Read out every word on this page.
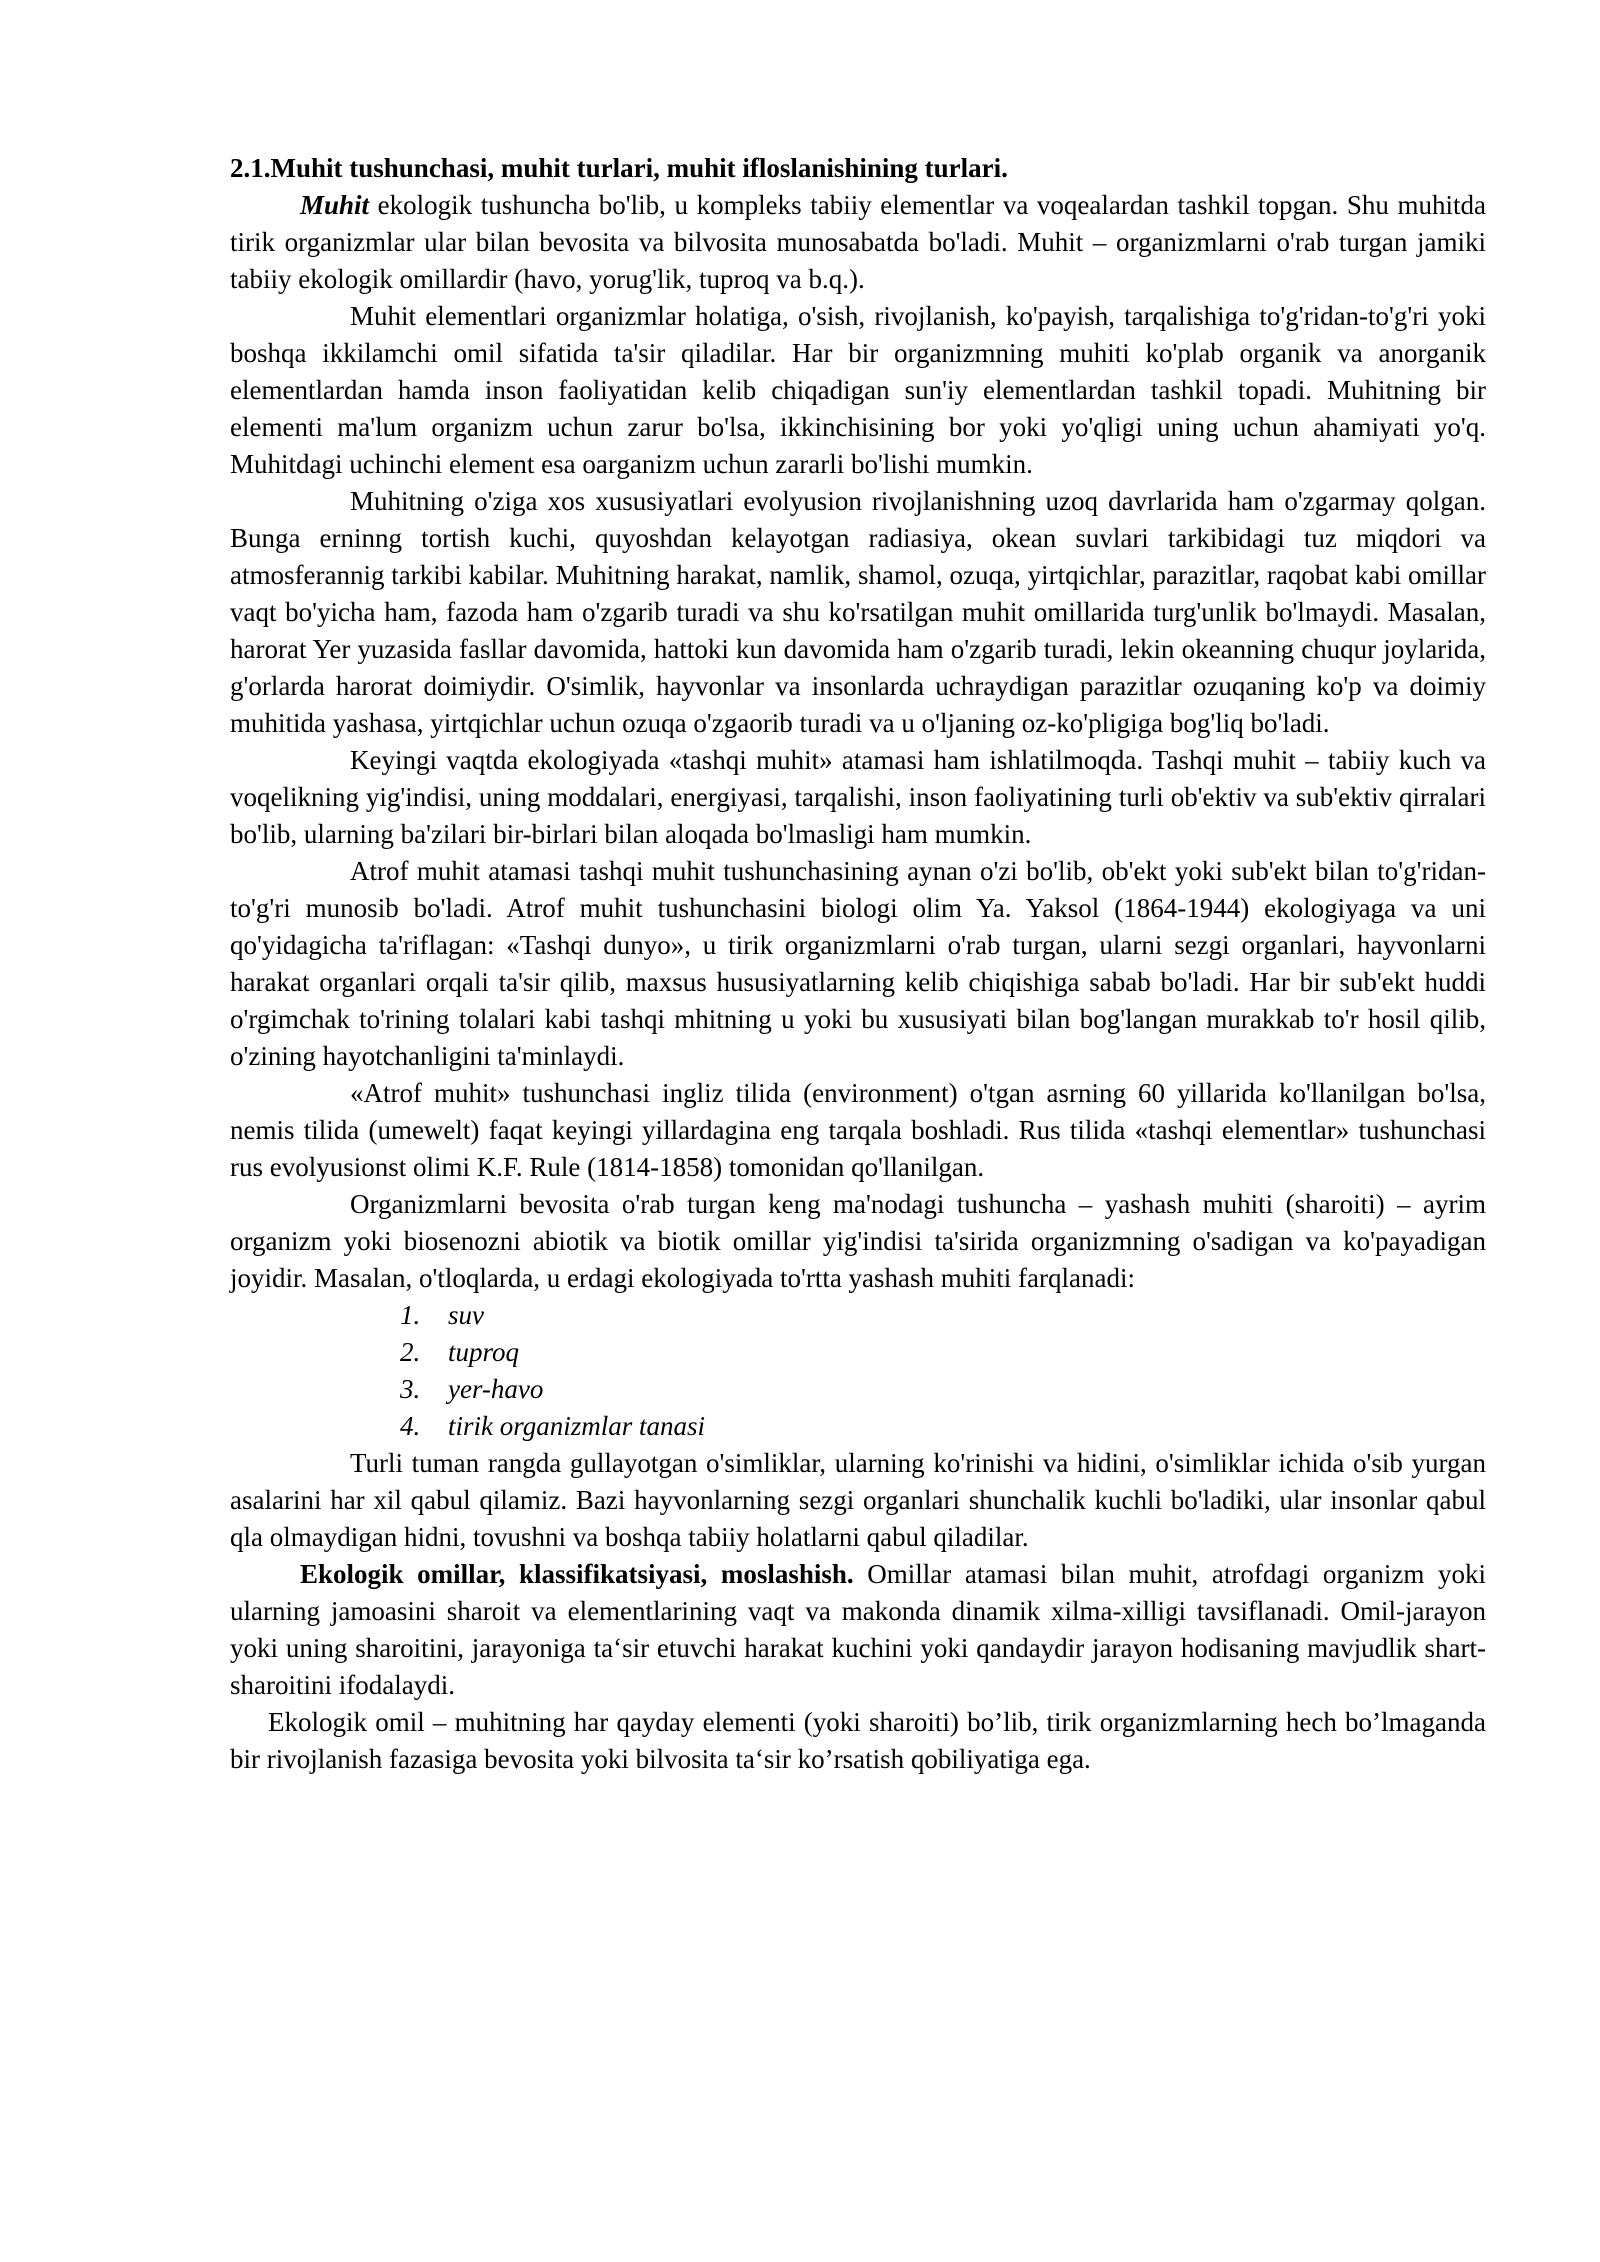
2.1.Muhit tushunchasi, muhit turlari, muhit ifloslanishining turlari.

Muhit ekologik tushuncha bo'lib, u kompleks tabiiy elementlar va voqealardan tashkil topgan. Shu muhitda tirik organizmlar ular bilan bevosita va bilvosita munosabatda bo'ladi. Muhit – organizmlarni o'rab turgan jamiki tabiiy ekologik omillardir (havo, yorug'lik, tuproq va b.q.).

Muhit elementlari organizmlar holatiga, o'sish, rivojlanish, ko'payish, tarqalishiga to'g'ridan-to'g'ri yoki boshqa ikkilamchi omil sifatida ta'sir qiladilar. Har bir organizmning muhiti ko'plab organik va anorganik elementlardan hamda inson faoliyatidan kelib chiqadigan sun'iy elementlardan tashkil topadi. Muhitning bir elementi ma'lum organizm uchun zarur bo'lsa, ikkinchisining bor yoki yo'qligi uning uchun ahamiyati yo'q. Muhitdagi uchinchi element esa oarganizm uchun zararli bo'lishi mumkin.

Muhitning o'ziga xos xususiyatlari evolyusion rivojlanishning uzoq davrlarida ham o'zgarmay qolgan. Bunga erninng tortish kuchi, quyoshdan kelayotgan radiasiya, okean suvlari tarkibidagi tuz miqdori va atmosferannig tarkibi kabilar. Muhitning harakat, namlik, shamol, ozuqa, yirtqichlar, parazitlar, raqobat kabi omillar vaqt bo'yicha ham, fazoda ham o'zgarib turadi va shu ko'rsatilgan muhit omillarida turg'unlik bo'lmaydi. Masalan, harorat Yer yuzasida fasllar davomida, hattoki kun davomida ham o'zgarib turadi, lekin okeanning chuqur joylarida, g'orlarda harorat doimiydir. O'simlik, hayvonlar va insonlarda uchraydigan parazitlar ozuqaning ko'p va doimiy muhitida yashasa, yirtqichlar uchun ozuqa o'zgaorib turadi va u o'ljaning oz-ko'pligiga bog'liq bo'ladi.

Keyingi vaqtda ekologiyada «tashqi muhit» atamasi ham ishlatilmoqda. Tashqi muhit – tabiiy kuch va voqelikning yig'indisi, uning moddalari, energiyasi, tarqalishi, inson faoliyatining turli ob'ektiv va sub'ektiv qirralari bo'lib, ularning ba'zilari bir-birlari bilan aloqada bo'lmasligi ham mumkin.

Atrof muhit atamasi tashqi muhit tushunchasining aynan o'zi bo'lib, ob'ekt yoki sub'ekt bilan to'g'ridan-to'g'ri munosib bo'ladi. Atrof muhit tushunchasini biologi olim Ya. Yaksol (1864-1944) ekologiyaga va uni qo'yidagicha ta'riflagan: «Tashqi dunyo», u tirik organizmlarni o'rab turgan, ularni sezgi organlari, hayvonlarni harakat organlari orqali ta'sir qilib, maxsus hususiyatlarning kelib chiqishiga sabab bo'ladi. Har bir sub'ekt huddi o'rgimchak to'rining tolalari kabi tashqi mhitning u yoki bu xususiyati bilan bog'langan murakkab to'r hosil qilib, o'zining hayotchanligini ta'minlaydi.

«Atrof muhit» tushunchasi ingliz tilida (environment) o'tgan asrning 60 yillarida ko'llanilgan bo'lsa, nemis tilida (umewelt) faqat keyingi yillardagina eng tarqala boshladi. Rus tilida «tashqi elementlar» tushunchasi rus evolyusionst olimi K.F. Rule (1814-1858) tomonidan qo'llanilgan.

Organizmlarni bevosita o'rab turgan keng ma'nodagi tushuncha – yashash muhiti (sharoiti) – ayrim organizm yoki biosenozni abiotik va biotik omillar yig'indisi ta'sirida organizmning o'sadigan va ko'payadigan joyidir. Masalan, o'tloqlarda, u erdagi ekologiyada to'rtta yashash muhiti farqlanadi:

1.	suv
2.	tuproq
3.	yer-havo
4.	tirik organizmlar tanasi

Turli tuman rangda gullayotgan o'simliklar, ularning ko'rinishi va hidini, o'simliklar ichida o'sib yurgan asalarini har xil qabul qilamiz. Bazi hayvonlarning sezgi organlari shunchalik kuchli bo'ladiki, ular insonlar qabul qla olmaydigan hidni, tovushni va boshqa tabiiy holatlarni qabul qiladilar.

Ekologik omillar, klassifikatsiyasi, moslashish. Omillar atamasi bilan muhit, atrofdagi organizm yoki ularning jamoasini sharoit va elementlarining vaqt va makonda dinamik xilma-xilligi tavsiflanadi. Omil-jarayon yoki uning sharoitini, jarayoniga taʻsir etuvchi harakat kuchini yoki qandaydir jarayon hodisaning mavjudlik shart-sharoitini ifodalaydi.

Ekologik omil – muhitning har qayday elementi (yoki sharoiti) bo’lib, tirik organizmlarning hech bo’lmaganda bir rivojlanish fazasiga bevosita yoki bilvosita taʻsir ko’rsatish qobiliyatiga ega.
